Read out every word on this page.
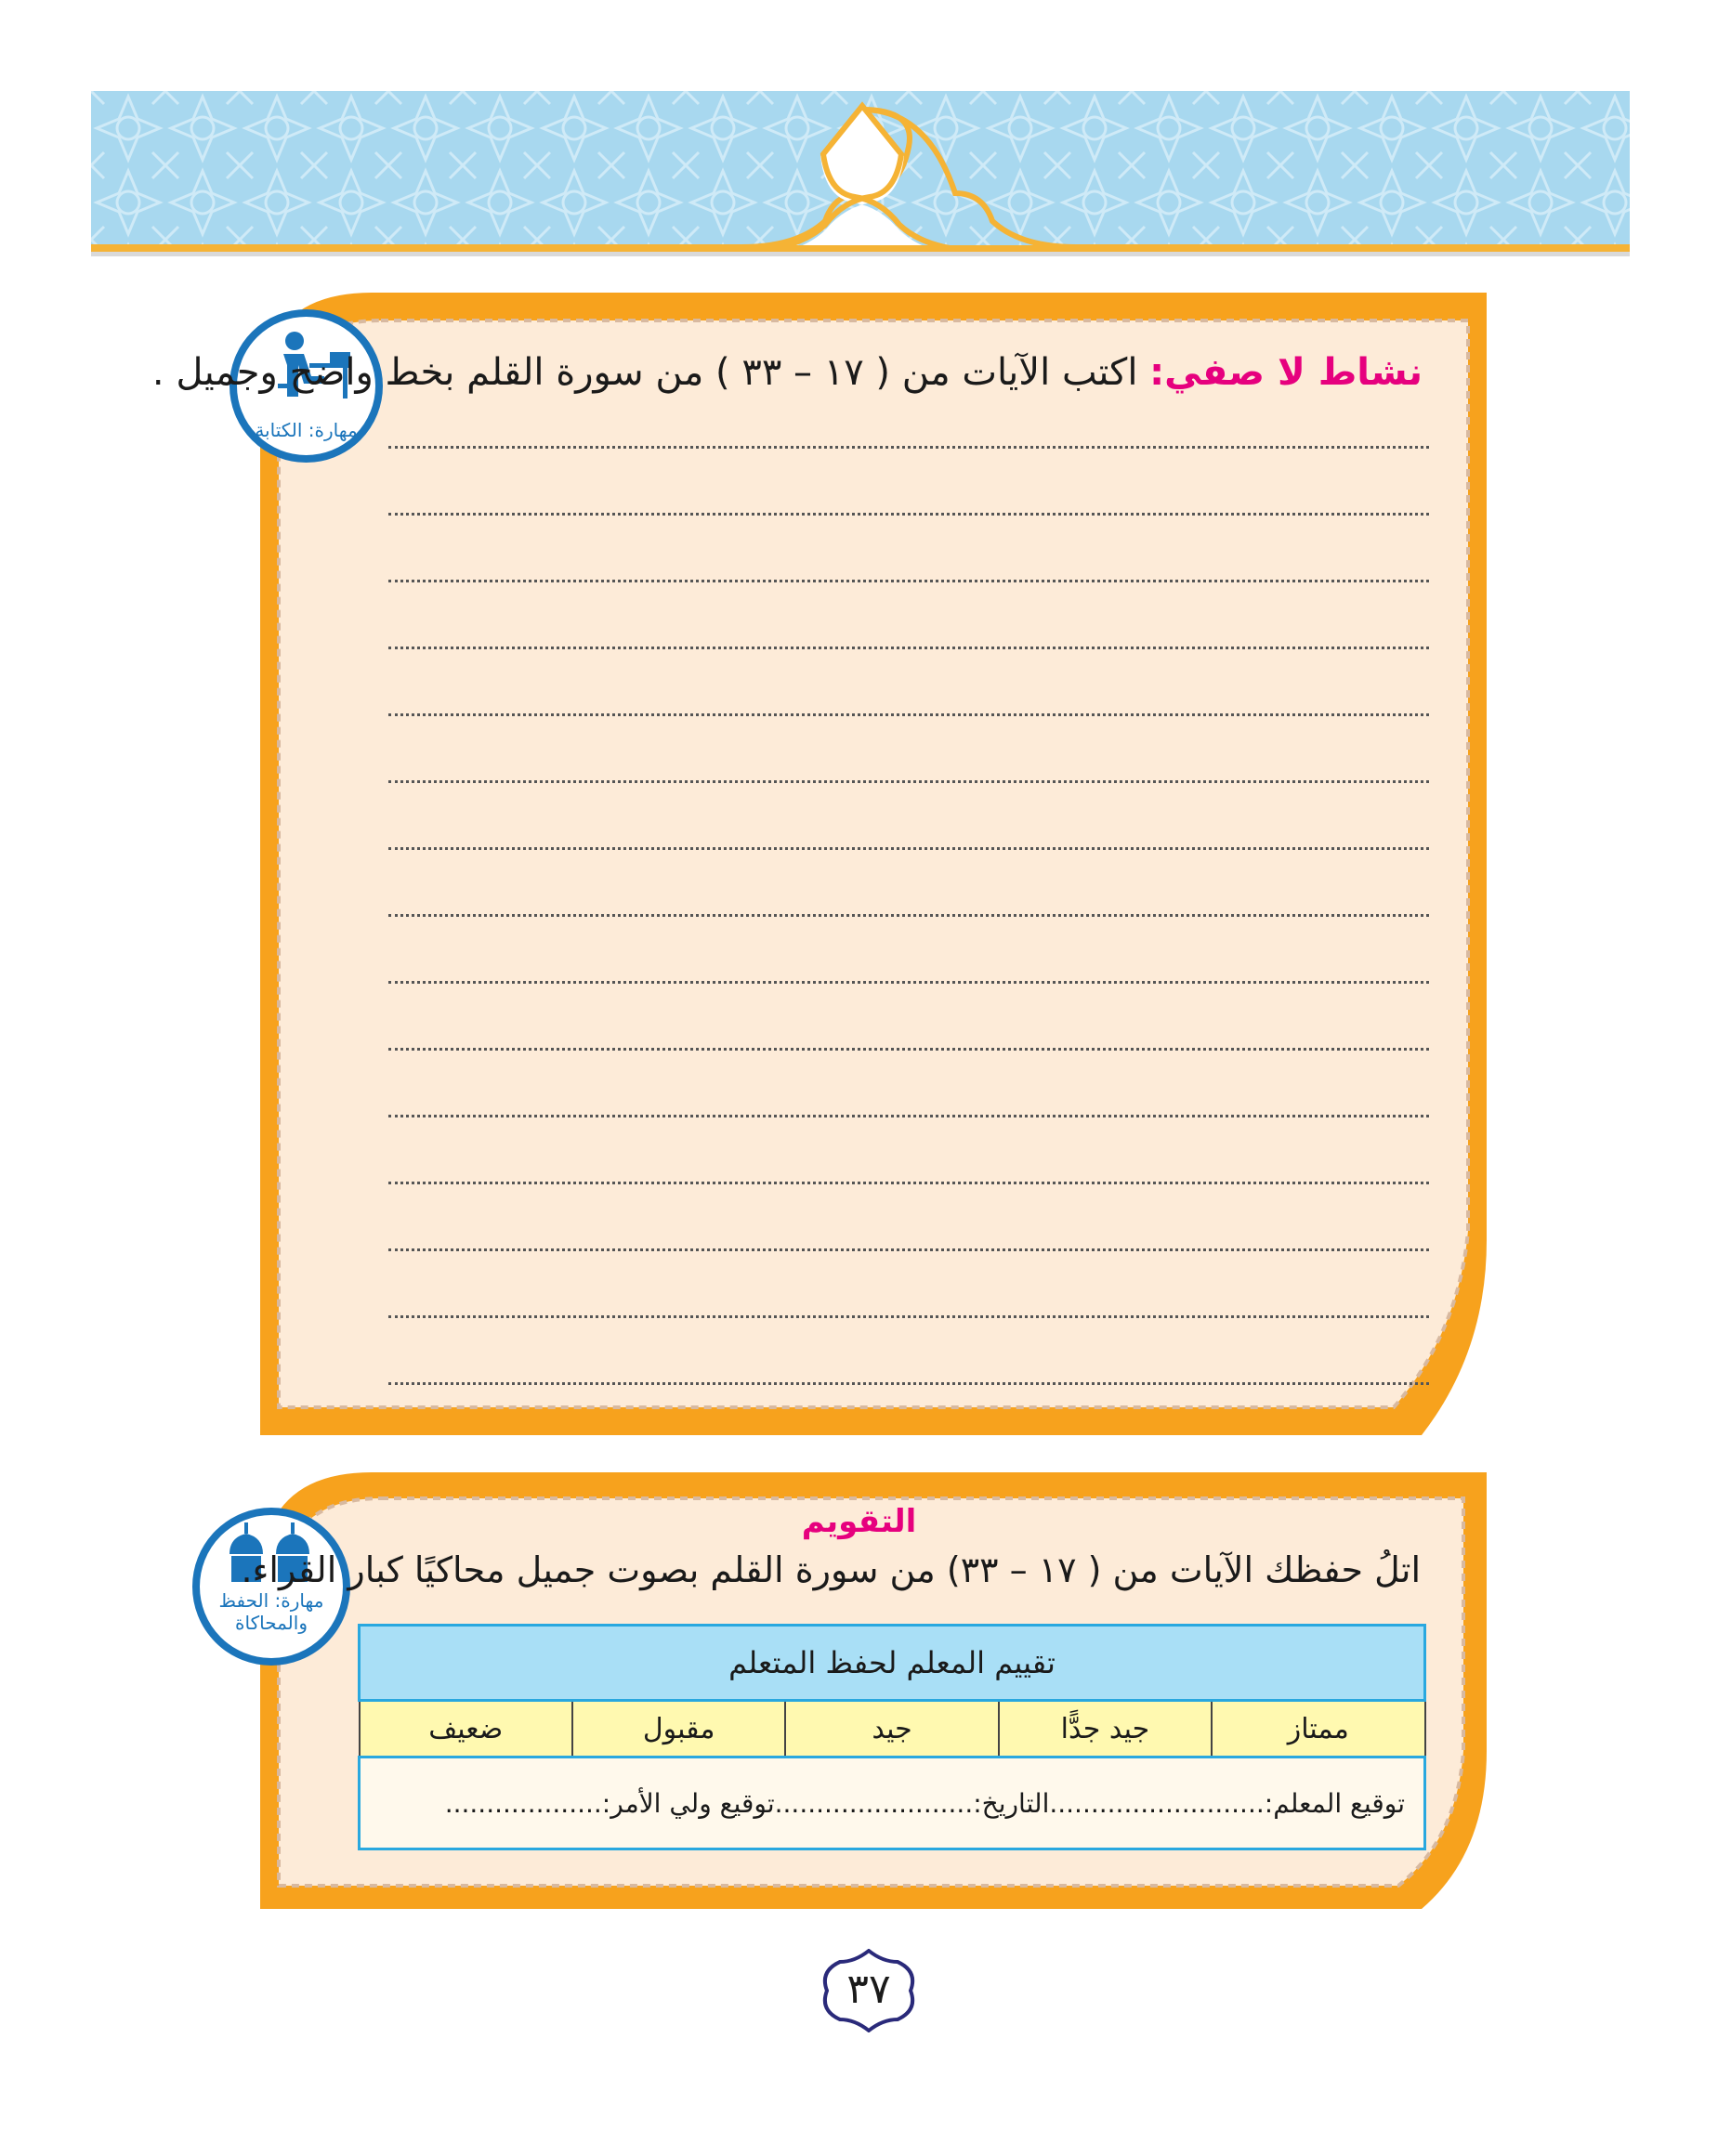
مهارة: الكتابة
نشاط لا صفي: اكتب الآيات من ( ١٧ – ٣٣ ) من سورة القلم بخط واضح وجميل .
مهارة: الحفظ
والمحاكاة
التقويم
اتلُ حفظك الآيات من ( ١٧ – ٣٣) من سورة القلم بصوت جميل محاكيًا كبار القراء.
تقييم المعلم لحفظ المتعلم
ممتاز	جيد جدًّا	جيد	مقبول	ضعيف
توقيع المعلم:..........................التاريخ:........................توقيع ولي الأمر:...................
٣٧
